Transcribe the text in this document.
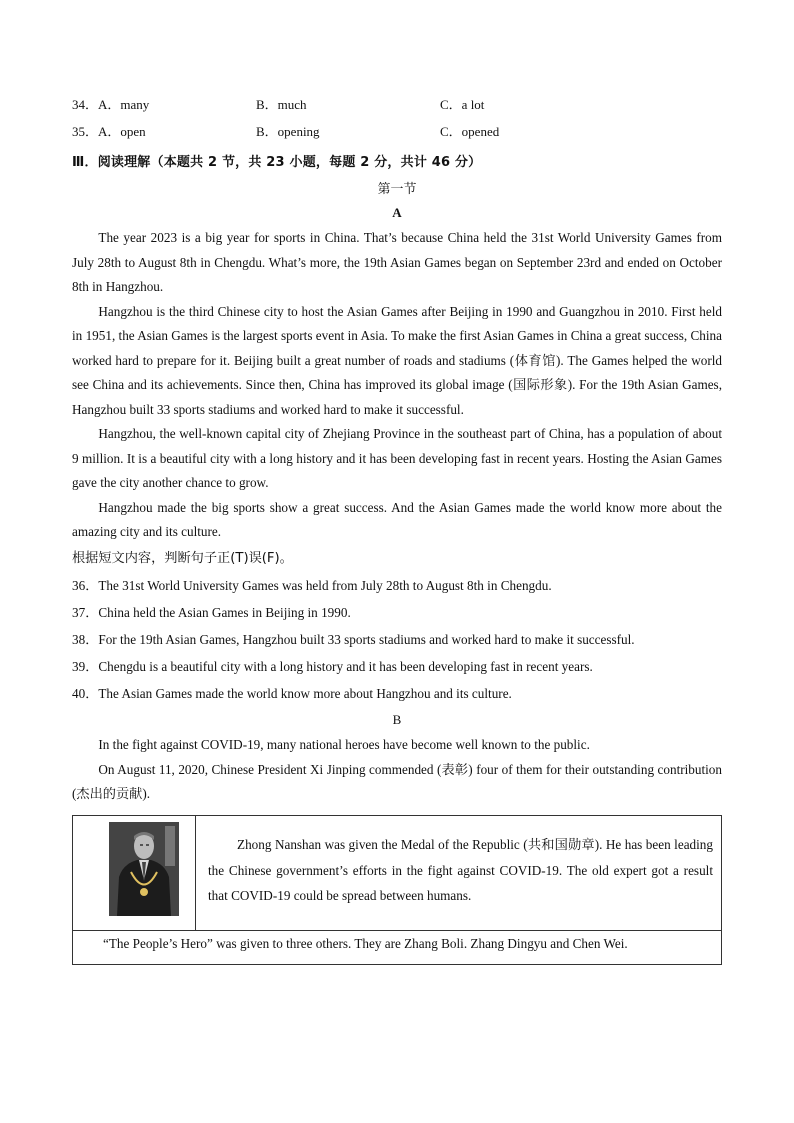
34．A．many	B．much	C．a lot
35．A．open	B．opening	C．opened
Ⅲ．阅读理解（本题共 2 节，共 23 小题，每题 2 分，共计 46 分）
第一节
A

The year 2023 is a big year for sports in China. That’s because China held the 31st World University Games from July 28th to August 8th in Chengdu. What’s more, the 19th Asian Games began on September 23rd and ended on October 8th in Hangzhou.

Hangzhou is the third Chinese city to host the Asian Games after Beijing in 1990 and Guangzhou in 2010. First held in 1951, the Asian Games is the largest sports event in Asia. To make the first Asian Games in China a great success, China worked hard to prepare for it. Beijing built a great number of roads and stadiums (体育馆). The Games helped the world see China and its achievements. Since then, China has improved its global image (国际形象). For the 19th Asian Games, Hangzhou built 33 sports stadiums and worked hard to make it successful.

Hangzhou, the well-known capital city of Zhejiang Province in the southeast part of China, has a population of about 9 million. It is a beautiful city with a long history and it has been developing fast in recent years. Hosting the Asian Games gave the city another chance to grow.

Hangzhou made the big sports show a great success. And the Asian Games made the world know more about the amazing city and its culture.

根据短文内容，判断句子正(T)误(F)。
36．The 31st World University Games was held from July 28th to August 8th in Chengdu.
37．China held the Asian Games in Beijing in 1990.
38．For the 19th Asian Games, Hangzhou built 33 sports stadiums and worked hard to make it successful.
39．Chengdu is a beautiful city with a long history and it has been developing fast in recent years.
40．The Asian Games made the world know more about Hangzhou and its culture.
B

In the fight against COVID-19, many national heroes have become well known to the public.

On August 11, 2020, Chinese President Xi Jinping commended (表彰) four of them for their outstanding contribution (杰出的贡献).

Zhong Nanshan was given the Medal of the Republic (共和国勋章). He has been leading the Chinese government’s efforts in the fight against COVID-19. The old expert got a result that COVID-19 could be spread between humans.

“The People’s Hero” was given to three others. They are Zhang Boli. Zhang Dingyu and Chen Wei.
